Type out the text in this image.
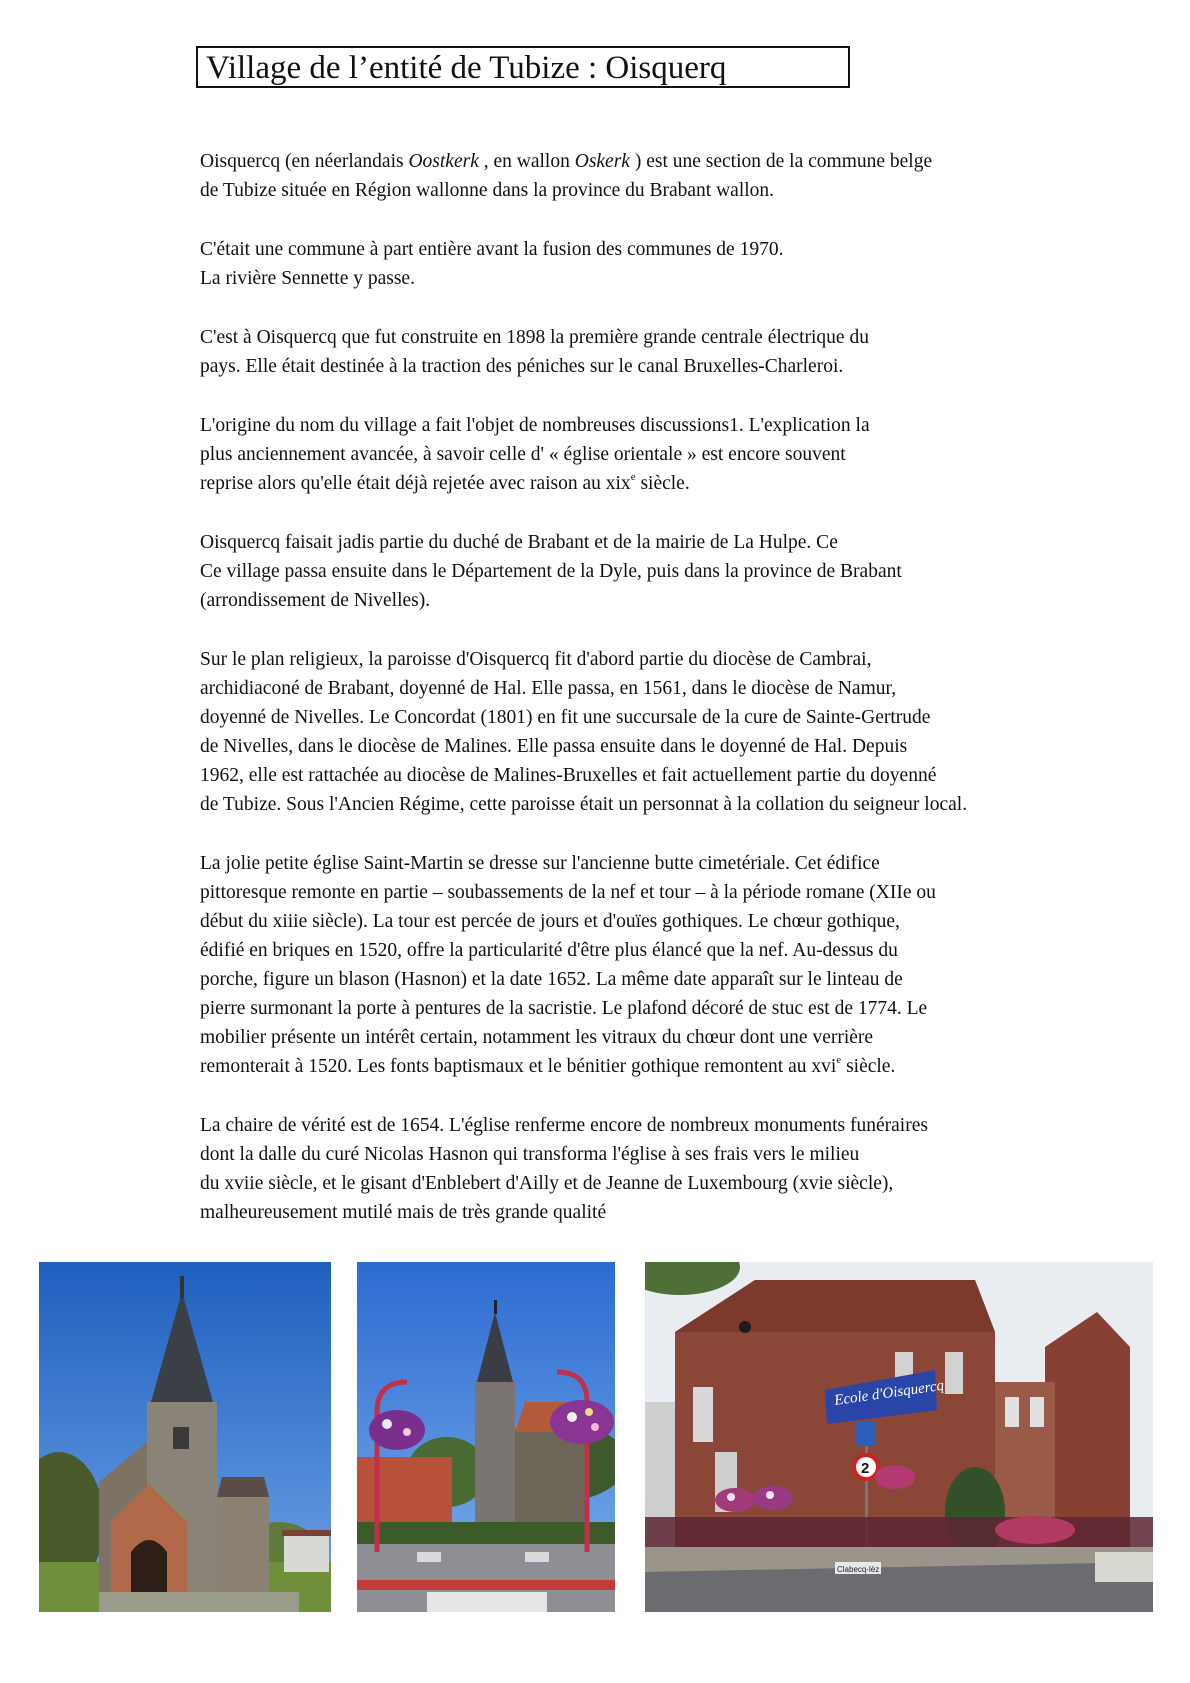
Village de l’entité de Tubize : Oisquerq

Oisquercq (en néerlandais Oostkerk , en wallon Oskerk ) est une section de la commune belge
de Tubize située en Région wallonne dans la province du Brabant wallon.

C'était une commune à part entière avant la fusion des communes de 1970.
La rivière Sennette y passe.

C'est à Oisquercq que fut construite en 1898 la première grande centrale électrique du
pays. Elle était destinée à la traction des péniches sur le canal Bruxelles-Charleroi.

L'origine du nom du village a fait l'objet de nombreuses discussions1. L'explication la
plus anciennement avancée, à savoir celle d' « église orientale » est encore souvent
reprise alors qu'elle était déjà rejetée avec raison au xix$^e$ siècle.

Oisquercq faisait jadis partie du duché de Brabant et de la mairie de La Hulpe. Ce
Ce village passa ensuite dans le Département de la Dyle, puis dans la province de Brabant
(arrondissement de Nivelles).

Sur le plan religieux, la paroisse d'Oisquercq fit d'abord partie du diocèse de Cambrai,
archidiaconé de Brabant, doyenné de Hal. Elle passa, en 1561, dans le diocèse de Namur,
doyenné de Nivelles. Le Concordat (1801) en fit une succursale de la cure de Sainte-Gertrude
de Nivelles, dans le diocèse de Malines. Elle passa ensuite dans le doyenné de Hal. Depuis
1962, elle est rattachée au diocèse de Malines-Bruxelles et fait actuellement partie du doyenné
de Tubize. Sous l'Ancien Régime, cette paroisse était un personnat à la collation du seigneur local.

La jolie petite église Saint-Martin se dresse sur l'ancienne butte cimetériale. Cet édifice
pittoresque remonte en partie – soubassements de la nef et tour – à la période romane (XIIe ou
début du xiiie siècle). La tour est percée de jours et d'ouïes gothiques. Le chœur gothique,
édifié en briques en 1520, offre la particularité d'être plus élancé que la nef. Au-dessus du
porche, figure un blason (Hasnon) et la date 1652. La même date apparaît sur le linteau de
pierre surmonant la porte à pentures de la sacristie. Le plafond décoré de stuc est de 1774. Le
mobilier présente un intérêt certain, notamment les vitraux du chœur dont une verrière
remonterait à 1520. Les fonts baptismaux et le bénitier gothique remontent au xvi$^e$ siècle.

La chaire de vérité est de 1654. L'église renferme encore de nombreux monuments funéraires
dont la dalle du curé Nicolas Hasnon qui transforma l'église à ses frais vers le milieu
du xviie siècle, et le gisant d'Enblebert d'Ailly et de Jeanne de Luxembourg (xvie siècle),
malheureusement mutilé mais de très grande qualité

Ecole d'Oisquercq
2
Clabecq-lèz
